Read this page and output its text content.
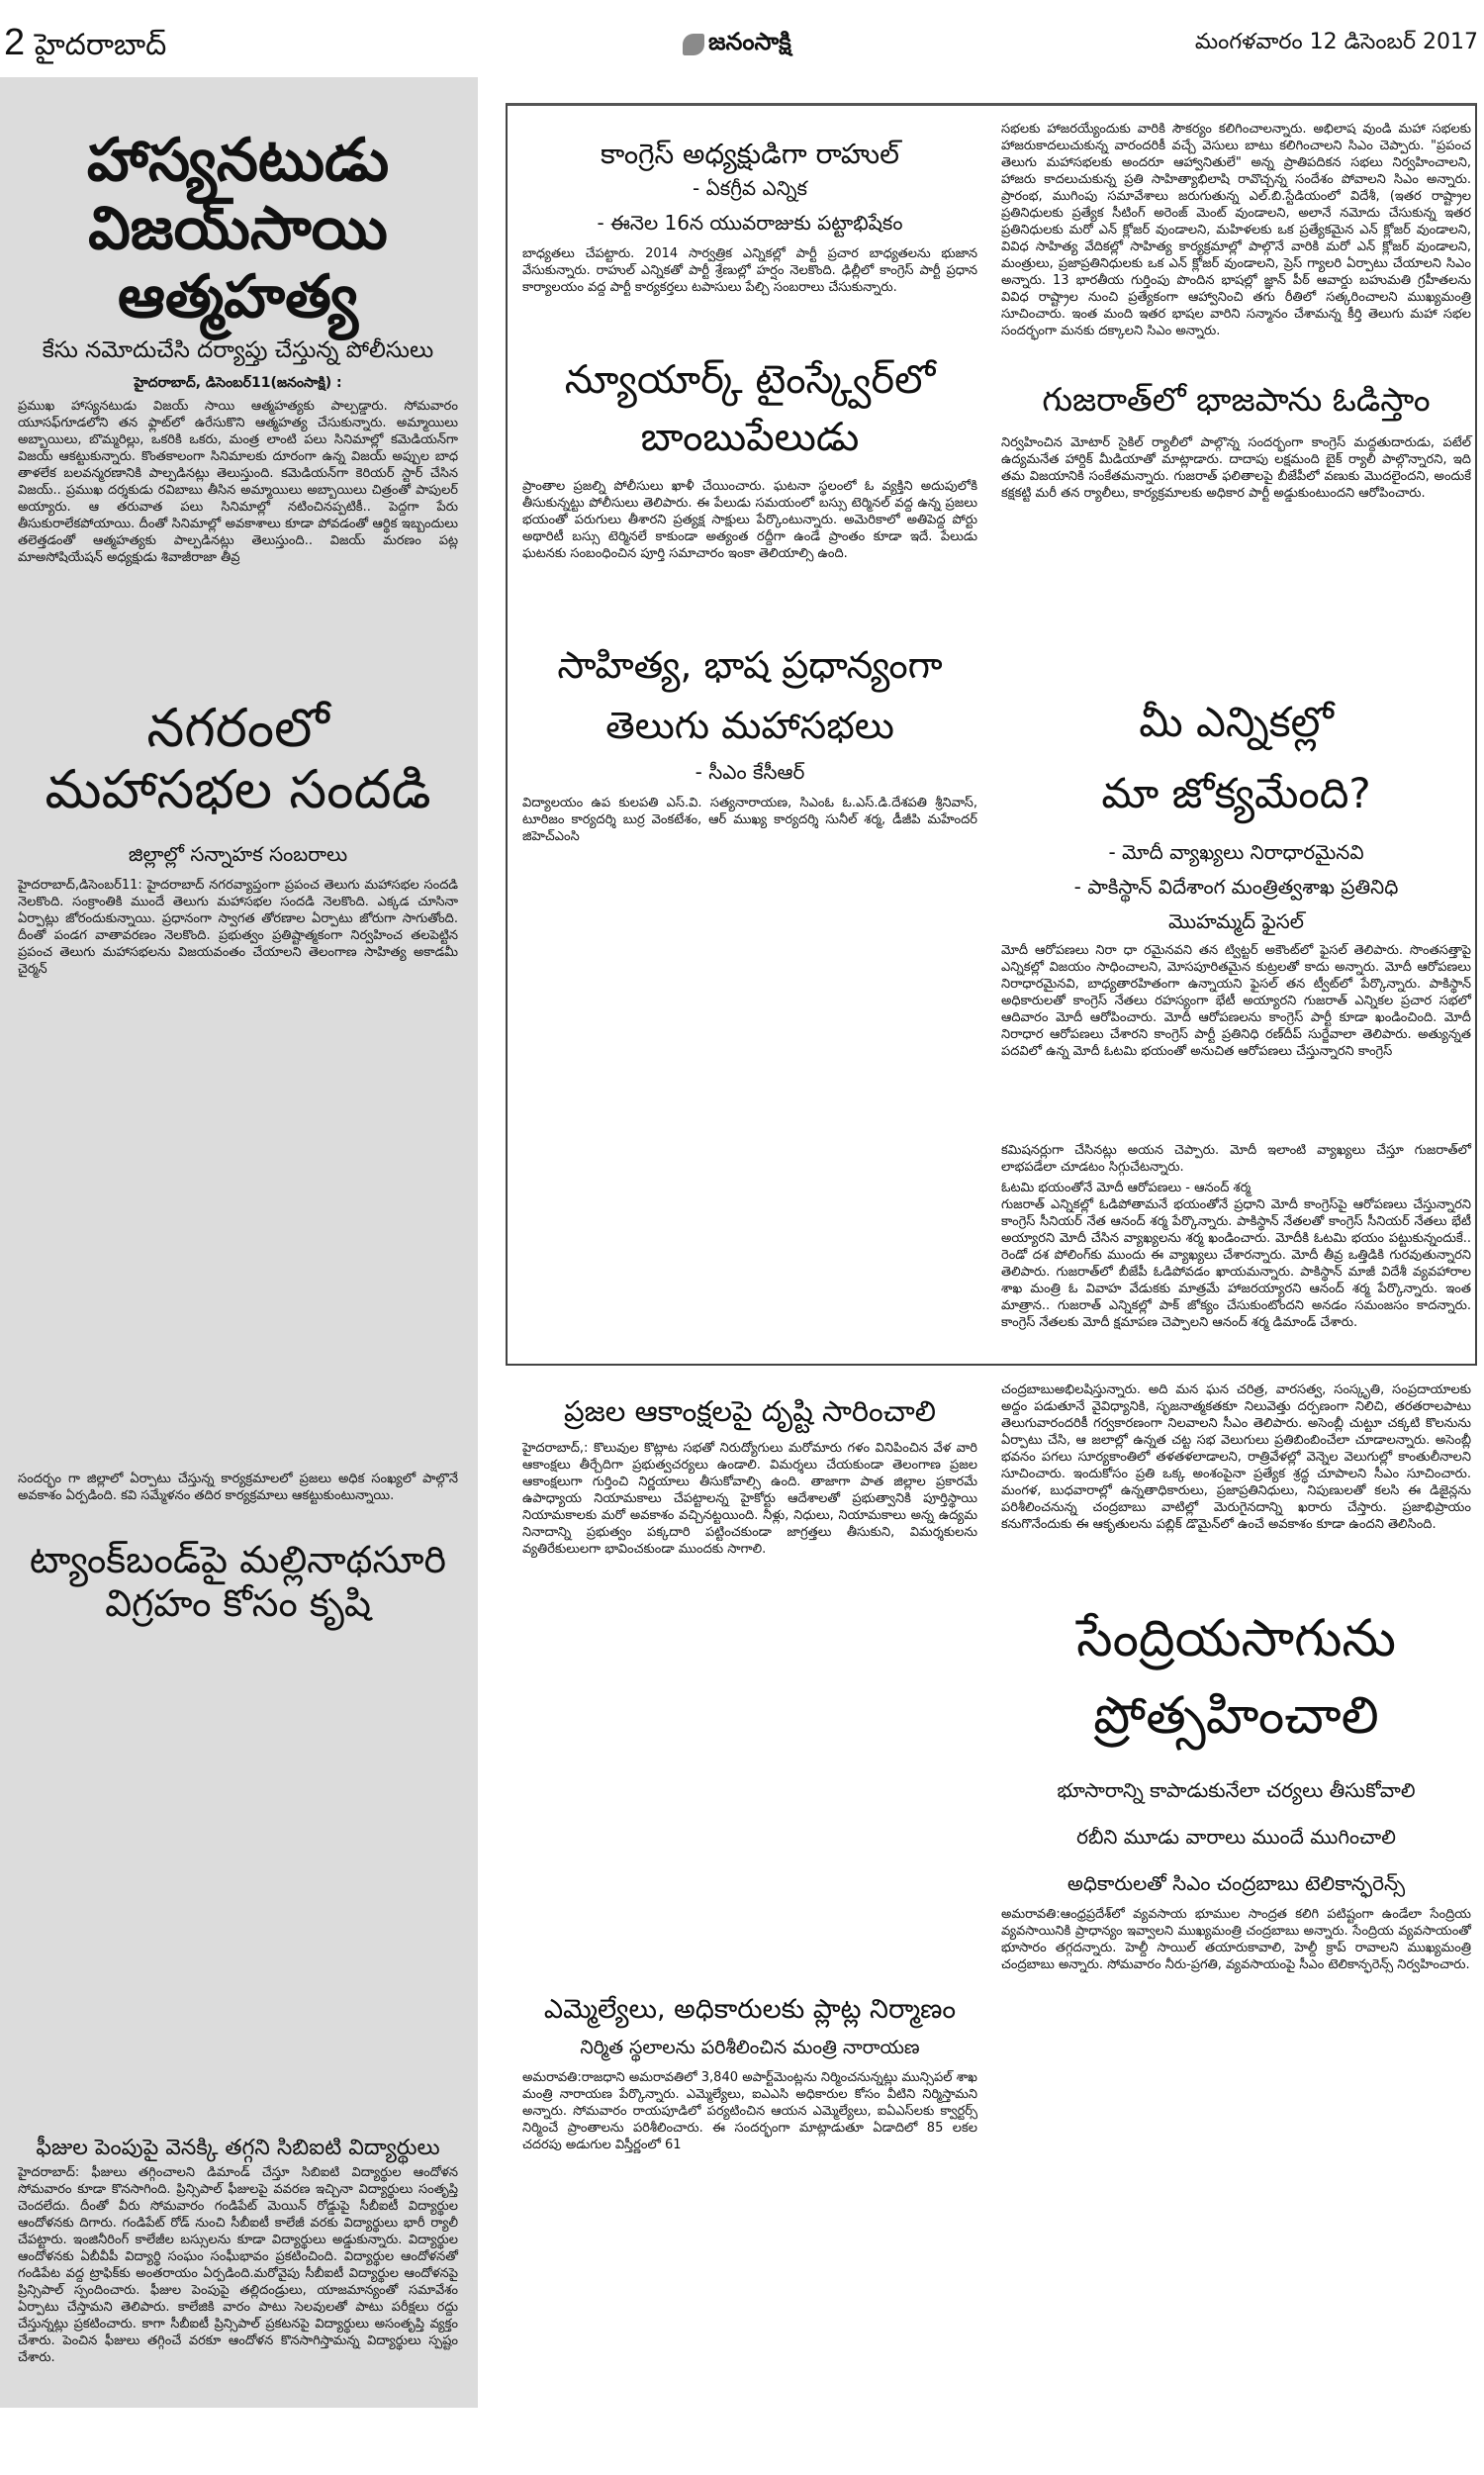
2 హైదరాబాద్	జనంసాక్షి	మంగళవారం 12 డిసెంబర్ 2017
హాస్యనటుడు
విజయ్‌సాయి ఆత్మహత్య
కేసు నమోదుచేసి దర్యాప్తు చేస్తున్న పోలీసులు
హైదరాబాద్, డిసెంబర్11(జనంసాక్షి) :

ప్రముఖ హాస్యనటుడు విజయ్ సాయి ఆత్మహత్యకు పాల్పడ్డారు. సోమవారం యూసఫ్‌గూడలోని తన ఫ్లాట్‌లో ఉరేసుకొని ఆత్మహత్య చేసుకున్నారు. అమ్మాయిలు అబ్బాయిలు, బొమ్మరిల్లు, ఒకరికి ఒకరు, మంత్ర లాంటి పలు సినిమాల్లో కమెడియన్‌గా విజయ్ ఆకట్టుకున్నారు. కొంతకాలంగా సినిమాలకు దూరంగా ఉన్న విజయ్ అప్పుల బాధ తాళలేక బలవన్మరణానికి పాల్పడినట్లు తెలుస్తుంది. కమెడియన్‌గా కెరియర్ స్టార్ చేసిన విజయ్.. ప్రముఖ దర్శకుడు రవిబాబు తీసిన అమ్మాయిలు అబ్బాయిలు చిత్రంతో పాపులర్ అయ్యారు. ఆ తరువాత పలు సినిమాల్లో నటించినప్పటికీ.. పెద్దగా పేరు తీసుకురాలేకపోయాయి. దీంతో సినిమాల్లో అవకాశాలు కూడా పోవడంతో ఆర్థిక ఇబ్బందులు తలెత్తడంతో ఆత్మహత్యకు పాల్పడినట్లు తెలుస్తుంది.. విజయ్ మరణం పట్ల మాఅసోషియేషన్ అధ్యక్షుడు శివాజీరాజా తీవ్ర

నగరంలో
మహాసభల సందడి
జిల్లాల్లో సన్నాహక సంబరాలు

హైదరాబాద్,డిసెంబర్11: హైదరాబాద్ నగరవ్యాప్తంగా ప్రపంచ తెలుగు మహాసభల సందడి నెలకొంది. సంక్రాంతికి ముందే తెలుగు మహాసభల సందడి నెలకొంది. ఎక్కడ చూసినా ఏర్పాట్లు జోరందుకున్నాయి. ప్రధానంగా స్వాగత తోరణాల ఏర్పాటు జోరుగా సాగుతోంది. దీంతో పండగ వాతావరణం నెలకొంది. ప్రభుత్వం ప్రతిష్టాత్మకంగా నిర్వహించ తలపెట్టిన ప్రపంచ తెలుగు మహాసభలను విజయవంతం చేయాలని తెలంగాణ సాహిత్య అకాడమీ చైర్మన్

సందర్భం గా జిల్లాలో ఏర్పాటు చేస్తున్న కార్యక్రమాలలో ప్రజలు అధిక సంఖ్యలో పాల్గొనే అవకాశం ఏర్పడింది. కవి సమ్మేళనం తదిర కార్యక్రమాలు ఆకట్టుకుంటున్నాయి.

ట్యాంక్‌బండ్‌పై మల్లినాథసూరి
విగ్రహం కోసం కృషి
ఫీజుల పెంపుపై వెనక్కి తగ్గని సిబిఐటి విద్యార్థులు

హైదరాబాద్: ఫీజులు తగ్గించాలని డిమాండ్ చేస్తూ సిబిఐటి విద్యార్థుల ఆందోళన సోమవారం కూడా కొనసాగింది. ప్రిన్సిపాల్ ఫీజులపై వవరణ ఇచ్చినా విద్యార్థులు సంతృప్తి చెందలేదు. దీంతో వీరు సోమవారం గండిపేట్ మెయిన్ రోడ్డుపై సీబీఐటీ విద్యార్థుల ఆందోళనకు దిగారు. గండిపేట్ రోడ్ నుంచి సీబీఐటీ కాలేజీ వరకు విద్యార్థులు భారీ ర్యాలీ చేపట్టారు. ఇంజినీరింగ్ కాలేజీల బస్సులను కూడా విద్యార్థులు అడ్డుకున్నారు. విద్యార్థుల ఆందోళనకు ఏబీవీపీ విద్యార్థి సంఘం సంఘీభావం ప్రకటించింది. విద్యార్థుల ఆందోళనతో గండిపేట వద్ద ట్రాఫిక్‌కు అంతరాయం ఏర్పడింది.మరోవైపు సీబీఐటీ విద్యార్థుల ఆందోళనపై ప్రిన్సిపాల్ స్పందించారు. ఫీజుల పెంపుపై తల్లిదండ్రులు, యాజమాన్యంతో సమావేశం ఏర్పాటు చేస్తామని తెలిపారు. కాలేజికి వారం పాటు సెలవులతో పాటు పరీక్షలు రద్దు చేస్తున్నట్లు ప్రకటించారు. కాగా సీబీఐటీ ప్రిన్సిపాల్ ప్రకటనపై విద్యార్థులు అసంతృప్తి వ్యక్తం చేశారు. పెంచిన ఫీజులు తగ్గించే వరకూ ఆందోళన కొనసాగిస్తామన్న విద్యార్థులు స్పష్టం చేశారు.

కాంగ్రెస్ అధ్యక్షుడిగా రాహుల్
- ఏకగ్రీవ ఎన్నిక
- ఈనెల 16న యువరాజుకు పట్టాభిషేకం

బాధ్యతలు చేపట్టారు. 2014 సార్వత్రిక ఎన్నికల్లో పార్టీ ప్రచార బాధ్యతలను భుజాన వేసుకున్నారు. రాహుల్ ఎన్నికతో పార్టీ శ్రేణుల్లో హర్షం నెలకొంది. ఢిల్లీలో కాంగ్రెస్ పార్టీ ప్రధాన కార్యాలయం వద్ద పార్టీ కార్యకర్తలు టపాసులు పేల్చి సంబరాలు చేసుకున్నారు.

న్యూయార్క్ టైంస్క్వేర్‌లో
బాంబుపేలుడు

ప్రాంతాల ప్రజల్ని పోలీసులు ఖాళీ చేయించారు. ఘటనా స్థలంలో ఓ వ్యక్తిని అదుపులోకి తీసుకున్నట్టు పోలీసులు తెలిపారు. ఈ పేలుడు సమయంలో బస్సు టెర్మినల్ వద్ద ఉన్న ప్రజలు భయంతో పరుగులు తీశారని ప్రత్యక్ష సాక్షులు పేర్కొంటున్నారు. అమెరికాలో అతిపెద్ద పోర్టు అథారిటీ బస్సు టెర్మినలే కాకుండా అత్యంత రద్దీగా ఉండే ప్రాంతం కూడా ఇదే. పేలుడు ఘటనకు సంబంధించిన పూర్తి సమాచారం ఇంకా తెలియాల్సి ఉంది.

సాహిత్య, భాష ప్రధాన్యంగా
తెలుగు మహాసభలు
- సీఎం కేసీఆర్

విద్యాలయం ఉప కులపతి ఎస్.వి. సత్యనారాయణ, సిఎంఓ ఓ.ఎస్.డి.దేశపతి శ్రీనివాస్, టూరిజం కార్యదర్శి బుర్ర వెంకటేశం, ఆర్ ముఖ్య కార్యదర్శి సునీల్ శర్మ, డీజీపి మహేందర్ జిహెచ్ఎంసి

సభలకు హాజరయ్యేందుకు వారికి సౌకర్యం కలిగించాలన్నారు. అభిలాష వుండి మహా సభలకు హాజరుకాదలుచుకున్న వారందరికీ వచ్చే వెసులు బాటు కలిగించాలని సిఎం చెప్పారు. "ప్రపంచ తెలుగు మహాసభలకు అందరూ ఆహ్వానితులే" అన్న ప్రాతిపదికన సభలు నిర్వహించాలని, హాజరు కాదలుచుకున్న ప్రతి సాహిత్యాభిలాషి రావొచ్చన్న సందేశం పోవాలని సిఎం అన్నారు. ప్రారంభ, ముగింపు సమావేశాలు జరుగుతున్న ఎల్.బి.స్టేడియంలో విదేశీ, (ఇతర రాష్ట్రాల ప్రతినిధులకు ప్రత్యేక సీటింగ్ అరెంజ్ మెంట్ వుండాలని, అలానే నమోదు చేసుకున్న ఇతర ప్రతినిధులకు మరో ఎన్ క్లోజర్ వుండాలని, మహిళలకు ఒక ప్రత్యేకమైన ఎన్ క్లోజర్ వుండాలని, వివిధ సాహిత్య వేదికల్లో సాహిత్య కార్యక్రమాల్లో పాల్గొనే వారికి మరో ఎన్ క్లోజర్ వుండాలని, మంత్రులు, ప్రజాప్రతినిధులకు ఒక ఎన్ క్లోజర్ వుండాలని, ప్రెస్ గ్యాలరి ఏర్పాటు చేయాలని సిఎం అన్నారు. 13 భారతీయ గుర్తింపు పొందిన భాషల్లో జ్ఞాన్ పీఠ్ ఆవార్డు బహుమతి గ్రహీతలను వివిధ రాష్ట్రాల నుంచి ప్రత్యేకంగా ఆహ్వానించి తగు రీతిలో సత్కరించాలని ముఖ్యమంత్రి సూచించారు. ఇంత మంది ఇతర భాషల వారిని సన్మానం చేశామన్న కీర్తి తెలుగు మహా సభల సందర్భంగా మనకు దక్కాలని సిఎం అన్నారు.

గుజరాత్‌లో భాజపాను ఓడిస్తాం

నిర్వహించిన మోటార్ సైకిల్ ర్యాలీలో పాల్గొన్న సందర్భంగా కాంగ్రెస్ మద్దతుదారుడు, పటేల్ ఉద్యమనేత హార్దిక్ మీడియాతో మాట్లాడారు. దాదాపు లక్షమంది బైక్ ర్యాలీ పాల్గొన్నారని, ఇది తమ విజయానికి సంకేతమన్నారు. గుజరాత్ ఫలితాలపై బీజేపీలో వణుకు మొదలైందని, అందుకే కక్షకట్టి మరీ తన ర్యాలీలు, కార్యక్రమాలకు అధికార పార్టీ అడ్డుకుంటుందని ఆరోపించారు.

మీ ఎన్నికల్లో
మా జోక్యమేంది?
- మోదీ వ్యాఖ్యలు నిరాధారమైనవి
- పాకిస్థాన్ విదేశాంగ మంత్రిత్వశాఖ ప్రతినిధి
మొహమ్మద్ ఫైసల్

మోదీ ఆరోపణలు నిరా ధా రమైనవని తన ట్విట్టర్ అకౌంట్‌లో ఫైసల్ తెలిపారు. సొంతసత్తాపై ఎన్నికల్లో విజయం సాధించాలని, మోసపూరితమైన కుట్రలతో కాదు అన్నారు. మోదీ ఆరోపణలు నిరాధారమైనవి, బాధ్యతారహితంగా ఉన్నాయని ఫైసల్ తన ట్వీట్‌లో పేర్కొన్నారు. పాకిస్థాన్ అధికారులతో కాంగ్రెస్ నేతలు రహస్యంగా భేటీ అయ్యారని గుజరాత్ ఎన్నికల ప్రచార సభలో ఆదివారం మోదీ ఆరోపించారు. మోదీ ఆరోపణలను కాంగ్రెస్ పార్టీ కూడా ఖండించింది. మోదీ నిరాధార ఆరోపణలు చేశారని కాంగ్రెస్ పార్టీ ప్రతినిధి రణ్‌దీప్ సుర్జేవాలా తెలిపారు. అత్యున్నత పదవిలో ఉన్న మోదీ ఓటమి భయంతో అనుచిత ఆరోపణలు చేస్తున్నారని కాంగ్రెస్

కమిషనర్లుగా చేసినట్లు అయన చెప్పారు. మోదీ ఇలాంటి వ్యాఖ్యలు చేస్తూ గుజరాత్‌లో లాభపడేలా చూడటం సిగ్గుచేటన్నారు.

ఓటమి భయంతోనే మోదీ ఆరోపణలు - ఆనంద్ శర్మ

గుజరాత్ ఎన్నికల్లో ఓడిపోతామనే భయంతోనే ప్రధాని మోదీ కాంగ్రెస్‌పై ఆరోపణలు చేస్తున్నారని కాంగ్రెస్ సీనియర్ నేత ఆనంద్ శర్మ పేర్కొన్నారు. పాకిస్థాన్ నేతలతో కాంగ్రెస్ సీనియర్ నేతలు భేటీ అయ్యారని మోదీ చేసిన వ్యాఖ్యలను శర్మ ఖండించారు. మోదీకి ఓటమి భయం పట్టుకున్నందుకే.. రెండో దశ పోలింగ్‌కు ముందు ఈ వ్యాఖ్యలు చేశారన్నారు. మోదీ తీవ్ర ఒత్తిడికి గురవుతున్నారని తెలిపారు. గుజరాత్‌లో బీజేపీ ఓడిపోవడం ఖాయమన్నారు. పాకిస్థాన్ మాజీ విదేశీ వ్యవహారాల శాఖ మంత్రి ఓ వివాహ వేడుకకు మాత్రమే హాజరయ్యారని ఆనంద్ శర్మ పేర్కొన్నారు. ఇంత మాత్రాన.. గుజరాత్ ఎన్నికల్లో పాక్ జోక్యం చేసుకుంటోందని అనడం సమంజసం కాదన్నారు. కాంగ్రెస్ నేతలకు మోదీ క్షమాపణ చెప్పాలని ఆనంద్ శర్మ డిమాండ్ చేశారు.

ప్రజల ఆకాంక్షలపై దృష్టి సారించాలి

హైదరాబాద్,: కొలువుల కొట్లాట సభతో నిరుద్యోగులు మరోమారు గళం వినిపించిన వేళ వారి ఆకాంక్షలు తీర్చేదిగా ప్రభుత్వచర్యలు ఉండాలి. విమర్శలు చేయకుండా తెలంగాణ ప్రజల ఆకాంక్షలుగా గుర్తించి నిర్ణయాలు తీసుకోవాల్సి ఉంది. తాజాగా పాత జిల్లాల ప్రకారమే ఉపాధ్యాయ నియామకాలు చేపట్టాలన్న హైకోర్టు ఆదేశాలతో ప్రభుత్వానికి పూర్తిస్థాయి నియామకాలకు మరో అవకాశం వచ్చినట్టయింది. నీళ్లు, నిధులు, నియామకాలు అన్న ఉద్యమ నినాదాన్ని ప్రభుత్వం పక్కదారి పట్టించకుండా జాగ్రత్తలు తీసుకుని, విమర్శకులను వ్యతిరేకులులగా భావించకుండా ముందకు సాగాలి.

ఎమ్మెల్యేలు, అధికారులకు ప్లాట్ల నిర్మాణం
నిర్మిత స్థలాలను పరిశీలించిన మంత్రి నారాయణ

అమరావతి:రాజధాని అమరావతిలో 3,840 అపార్ట్‌మెంట్లను నిర్మించనున్నట్లు మున్సిపల్ శాఖ మంత్రి నారాయణ పేర్కొన్నారు. ఎమ్మెల్యేలు, ఐఎఎసి అధికారుల కోసం వీటిని నిర్మిస్తామని అన్నారు. సోమవారం రాయపూడిలో పర్యటించిన ఆయన ఎమ్మెల్యేలు, ఐఏఎస్‌లకు క్వార్టర్స్ నిర్మించే ప్రాంతాలను పరిశీలించారు. ఈ సందర్భంగా మాట్లాడుతూ ఏడాదిలో 85 లకల చదరపు అడుగుల విస్తీర్ణంలో 61

చంద్రబాబుఅభిలషిస్తున్నారు. అది మన ఘన చరిత్ర, వారసత్వ, సంస్కృతి, సంప్రదాయాలకు అద్దం పడుతూనే వైవిధ్యానికి, సృజనాత్మకతకూ నిలువెత్తు దర్పణంగా నిలిచి, తరతరాలపాటు తెలుగువారందరికీ గర్వకారణంగా నిలవాలని సీఎం తెలిపారు. అసెంబ్లీ చుట్టూ చక్కటి కొలనును ఏర్పాటు చేసి, ఆ జలాల్లో ఉన్నత చట్ట సభ వెలుగులు ప్రతిబింబించేలా చూడాలన్నారు. అసెంబ్లీ భవనం పగలు సూర్యకాంతిలో తళతళలాడాలని, రాత్రివేళల్లో వెన్నెల వెలుగుల్లో కాంతులీనాలని సూచించారు. ఇందుకోసం ప్రతి ఒక్క అంశంపైనా ప్రత్యేక శ్రద్ధ చూపాలని సీఎం సూచించారు. మంగళ, బుధవారాల్లో ఉన్నతాధికారులు, ప్రజాప్రతినిధులు, నిపుణులతో కలసి ఈ డిజైన్లను పరిశీలించనున్న చంద్రబాబు వాటిల్లో మెరుగైనదాన్ని ఖరారు చేస్తారు. ప్రజాభిప్రాయం కనుగొనేందుకు ఈ ఆకృతులను పబ్లిక్ డొమైన్‌లో ఉంచే అవకాశం కూడా ఉందని తెలిసింది.

సేంద్రియసాగును
ప్రోత్సహించాలి
భూసారాన్ని కాపాడుకునేలా చర్యలు తీసుకోవాలి
రబీని మూడు వారాలు ముందే ముగించాలి
అధికారులతో సిఎం చంద్రబాబు టెలికాన్ఫరెన్స్

అమరావతి:ఆంధ్రప్రదేశ్‌లో వ్యవసాయ భూముల సాంద్రత కలిగి పటిష్టంగా ఉండేలా సేంద్రియ వ్యవసాయినికి ప్రాధాన్యం ఇవ్వాలని ముఖ్యమంత్రి చంద్రబాబు అన్నారు. సేంద్రియ వ్యవసాయంతో భూసారం తగ్గదన్నారు. హెల్దీ సాయిల్ తయారుకావాలి, హెల్దీ క్రాప్ రావాలని ముఖ్యమంత్రి చంద్రబాబు అన్నారు. సోమవారం నీరు-ప్రగతి, వ్యవసాయంపై సీఎం టెలికాన్ఫరెన్స్ నిర్వహించారు.
